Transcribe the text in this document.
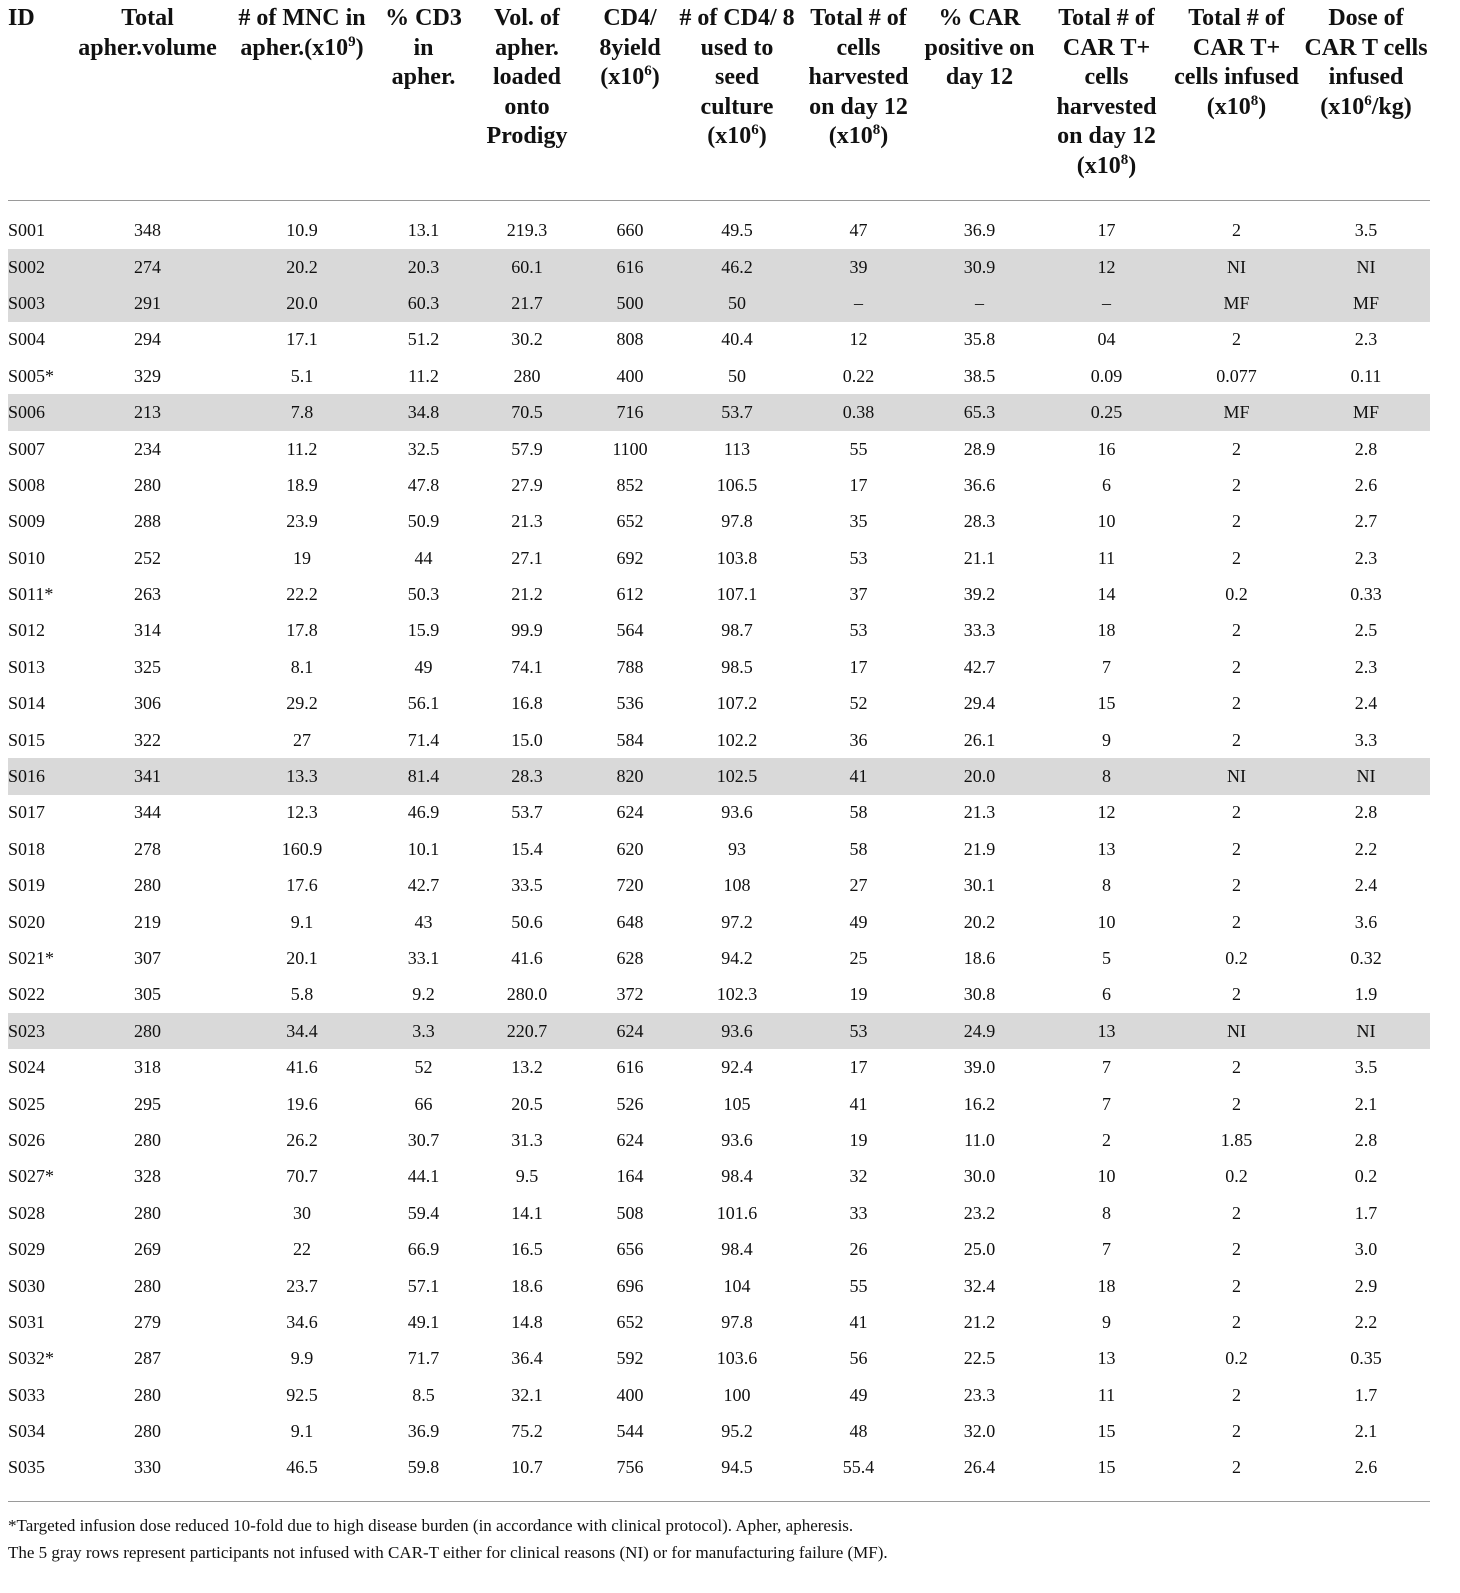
ID	Total apher.volume	# of MNC in $apher.(x10^9)$	% CD3 in apher.	Vol. of apher. loaded onto Prodigy	CD4/ 8yield $(x10^6)$	# of CD4/ 8 used to seed culture $(x10^6)$	Total # of cells harvested on day 12 $(x10^8)$	% CAR positive on day 12	Total # of CAR T+ cells harvested on day 12 $(x10^8)$	Total # of CAR T+ cells infused $(x10^8)$	Dose of CAR T cells infused $(x10^6/kg)$

S001	348	10.9	13.1	219.3	660	49.5	47	36.9	17	2	3.5
S002	274	20.2	20.3	60.1	616	46.2	39	30.9	12	NI	NI
S003	291	20.0	60.3	21.7	500	50	–	–	–	MF	MF
S004	294	17.1	51.2	30.2	808	40.4	12	35.8	04	2	2.3
S005*	329	5.1	11.2	280	400	50	0.22	38.5	0.09	0.077	0.11
S006	213	7.8	34.8	70.5	716	53.7	0.38	65.3	0.25	MF	MF
S007	234	11.2	32.5	57.9	1100	113	55	28.9	16	2	2.8
S008	280	18.9	47.8	27.9	852	106.5	17	36.6	6	2	2.6
S009	288	23.9	50.9	21.3	652	97.8	35	28.3	10	2	2.7
S010	252	19	44	27.1	692	103.8	53	21.1	11	2	2.3
S011*	263	22.2	50.3	21.2	612	107.1	37	39.2	14	0.2	0.33
S012	314	17.8	15.9	99.9	564	98.7	53	33.3	18	2	2.5
S013	325	8.1	49	74.1	788	98.5	17	42.7	7	2	2.3
S014	306	29.2	56.1	16.8	536	107.2	52	29.4	15	2	2.4
S015	322	27	71.4	15.0	584	102.2	36	26.1	9	2	3.3
S016	341	13.3	81.4	28.3	820	102.5	41	20.0	8	NI	NI
S017	344	12.3	46.9	53.7	624	93.6	58	21.3	12	2	2.8
S018	278	160.9	10.1	15.4	620	93	58	21.9	13	2	2.2
S019	280	17.6	42.7	33.5	720	108	27	30.1	8	2	2.4
S020	219	9.1	43	50.6	648	97.2	49	20.2	10	2	3.6
S021*	307	20.1	33.1	41.6	628	94.2	25	18.6	5	0.2	0.32
S022	305	5.8	9.2	280.0	372	102.3	19	30.8	6	2	1.9
S023	280	34.4	3.3	220.7	624	93.6	53	24.9	13	NI	NI
S024	318	41.6	52	13.2	616	92.4	17	39.0	7	2	3.5
S025	295	19.6	66	20.5	526	105	41	16.2	7	2	2.1
S026	280	26.2	30.7	31.3	624	93.6	19	11.0	2	1.85	2.8
S027*	328	70.7	44.1	9.5	164	98.4	32	30.0	10	0.2	0.2
S028	280	30	59.4	14.1	508	101.6	33	23.2	8	2	1.7
S029	269	22	66.9	16.5	656	98.4	26	25.0	7	2	3.0
S030	280	23.7	57.1	18.6	696	104	55	32.4	18	2	2.9
S031	279	34.6	49.1	14.8	652	97.8	41	21.2	9	2	2.2
S032*	287	9.9	71.7	36.4	592	103.6	56	22.5	13	0.2	0.35
S033	280	92.5	8.5	32.1	400	100	49	23.3	11	2	1.7
S034	280	9.1	36.9	75.2	544	95.2	48	32.0	15	2	2.1
S035	330	46.5	59.8	10.7	756	94.5	55.4	26.4	15	2	2.6
*Targeted infusion dose reduced 10-fold due to high disease burden (in accordance with clinical protocol). Apher, apheresis.
The 5 gray rows represent participants not infused with CAR-T either for clinical reasons (NI) or for manufacturing failure (MF).
